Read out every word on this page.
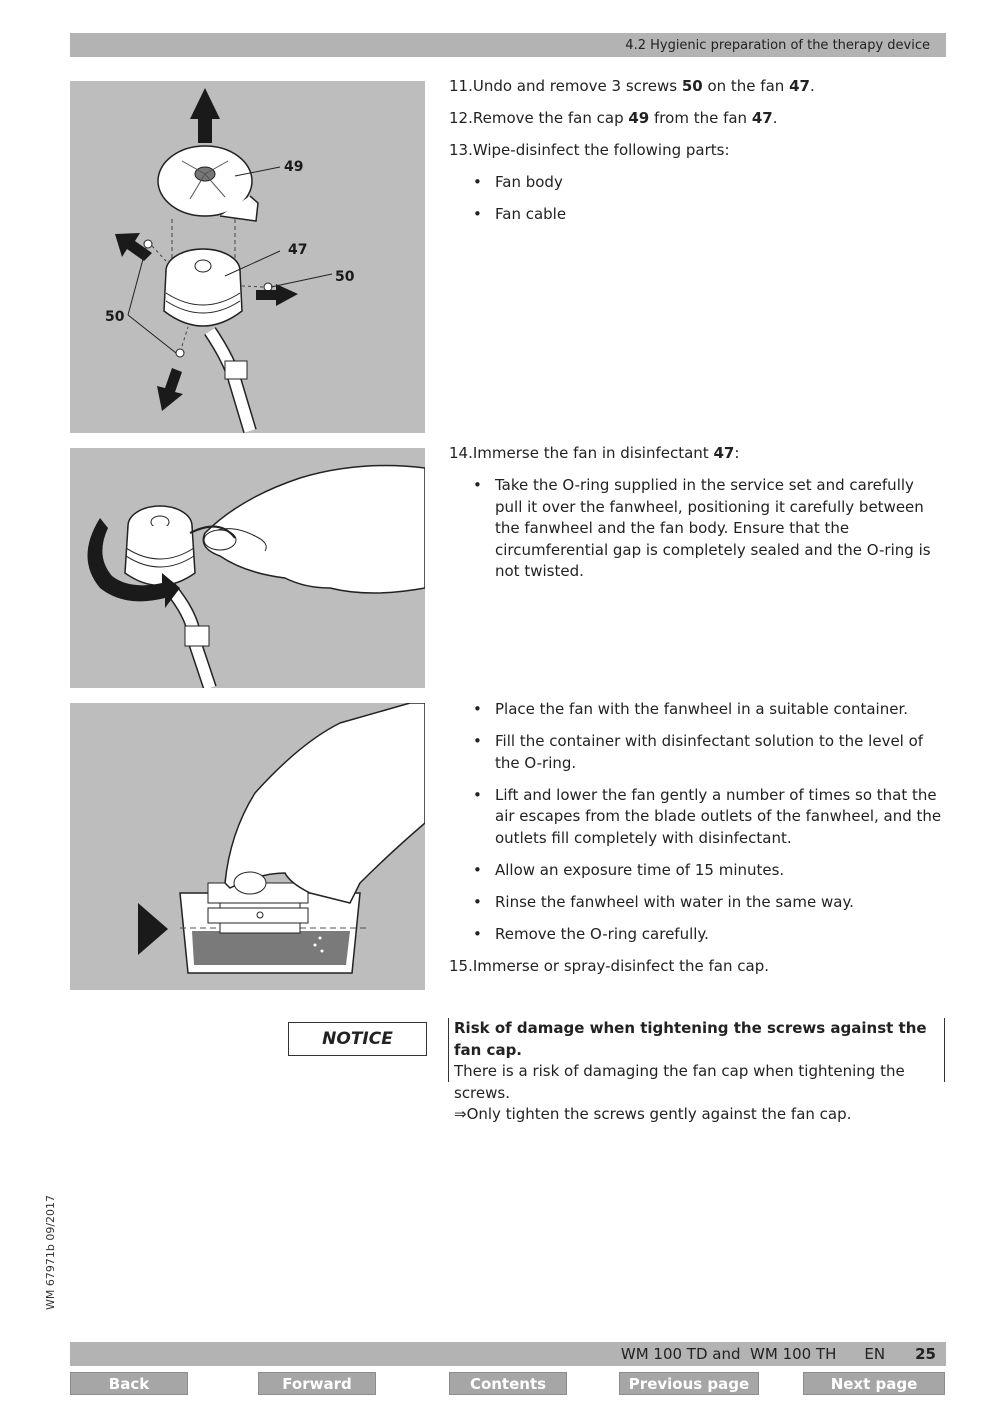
4.2 Hygienic preparation of the therapy device
49
47
50
50

11.Undo and remove 3 screws 50 on the fan 47.

12.Remove the fan cap 49 from the fan 47.

13.Wipe-disinfect the following parts:

• Fan body
• Fan cable

14.Immerse the fan in disinfectant 47:

• Take the O-ring supplied in the service set and carefully pull it over the fanwheel, positioning it carefully between the fanwheel and the fan body. Ensure that the circumferential gap is completely sealed and the O-ring is not twisted.
• Place the fan with the fanwheel in a suitable container.
• Fill the container with disinfectant solution to the level of the O-ring.
• Lift and lower the fan gently a number of times so that the air escapes from the blade outlets of the fanwheel, and the outlets fill completely with disinfectant.
• Allow an exposure time of 15 minutes.
• Rinse the fanwheel with water in the same way.
• Remove the O-ring carefully.

15.Immerse or spray-disinfect the fan cap.

NOTICE
Risk of damage when tightening the screws against the fan cap.
There is a risk of damaging the fan cap when tightening the screws.
⇒Only tighten the screws gently against the fan cap.
WM 67971b 09/2017
WM 100 TD and  WM 100 TH EN 25
Back	Forward	Contents	Previous page	Next page
